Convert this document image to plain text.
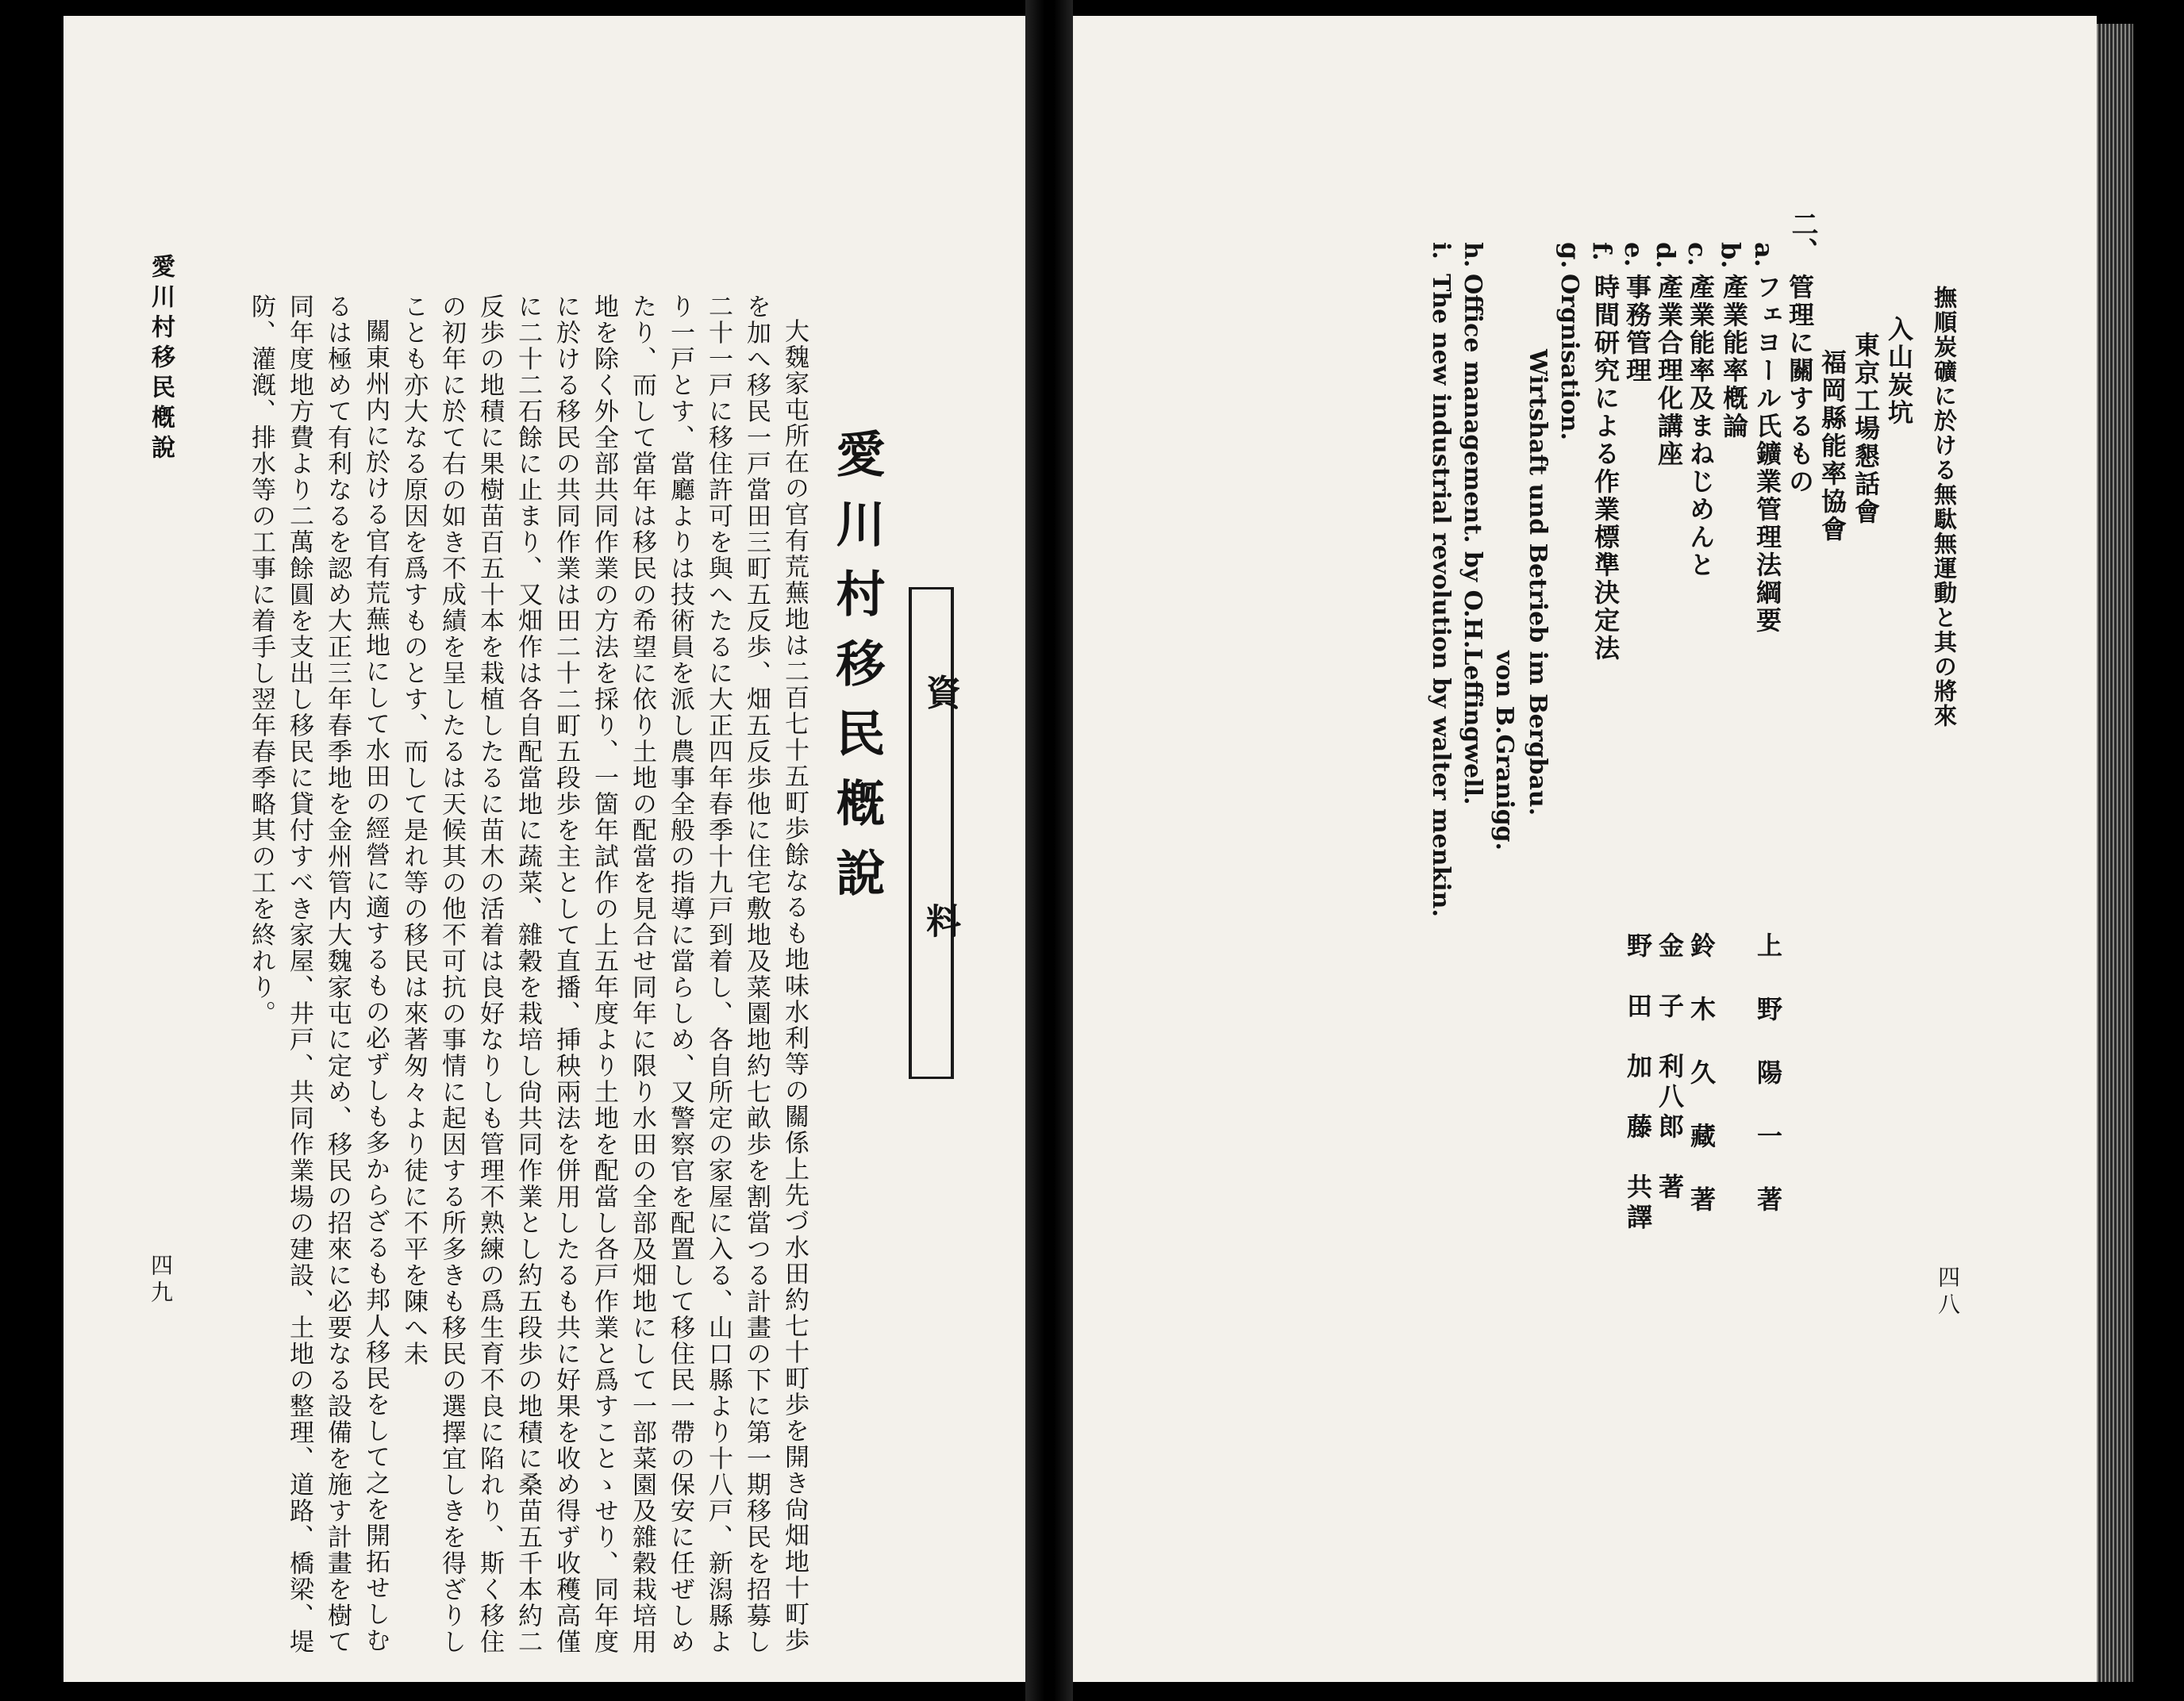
愛川村移民槪說
四九	大魏家屯所在の官有荒蕪地は二百七十五町歩餘なるも地味水利等の關係上先づ水田約七十町歩を開き尙畑地十町歩を加へ移民一戸當田三町五反歩、畑五反歩他に住宅敷地及菜園地約七畝歩を割當つる計畫の下に第一期移民を招募し二十一戸に移住許可を與へたるに大正四年春季十九戸到着し、各自所定の家屋に入る、山口縣より十八戸、新潟縣より一戸とす、當廳よりは技術員を派し農事全般の指導に當らしめ、又警察官を配置して移住民一帶の保安に任ぜしめたり、而して當年は移民の希望に依り土地の配當を見合せ同年に限り水田の全部及畑地にして一部菜園及雜穀栽培用地を除く外全部共同作業の方法を採り、一箇年試作の上五年度より土地を配當し各戸作業と爲すことゝせり、同年度に於ける移民の共同作業は田二十二町五段歩を主として直播、挿秧兩法を併用したるも共に好果を收め得ず收穫高僅に二十二石餘に止まり、又畑作は各自配當地に蔬菜、雜穀を栽培し尙共同作業とし約五段歩の地積に桑苗五千本約二反歩の地積に果樹苗百五十本を栽植したるに苗木の活着は良好なりしも管理不熟練の爲生育不良に陷れり、斯く移住の初年に於て右の如き不成績を呈したるは天候其の他不可抗の事情に起因する所多きも移民の選擇宜しきを得ざりしことも亦大なる原因を爲すものとす、而して是れ等の移民は來著匆々より徒に不平を陳へ未

關東州内に於ける官有荒蕪地にして水田の經營に適するもの必ずしも多からざるも邦人移民をして之を開拓せしむるは極めて有利なるを認め大正三年春季地を金州管内大魏家屯に定め、移民の招來に必要なる設備を施す計畫を樹て同年度地方費より二萬餘圓を支出し移民に貸付すべき家屋、井戸、共同作業場の建設、土地の整理、道路、橋梁、堤防、灌漑、排水等の工事に着手し翌年春季略其の工を終れり。	愛川村移民槪說 資　料
撫順炭礦に於ける無駄無運動と其の將來
四八
入山炭坑
東京工場懇話會
福岡縣能率協會
二、
管理に關するもの
a.
フェヨール氏鑛業管理法綱要
上　野　陽　一　著
b.
產業能率槪論
c.
產業能率及まねじめんと
鈴　木　久　藏　著
d.
產業合理化講座
金　子　利八郎　著
e.
事務管理
野　田　加　藤　共譯
f.
時間研究による作業標準決定法
g.
Orgnisation.
Wirtshaft und Betrieb im Bergbau.
von B.Granigg.
h.
Office management. by O.H.Leffingwell.
i.
The new industrial revolution by walter menkin.
